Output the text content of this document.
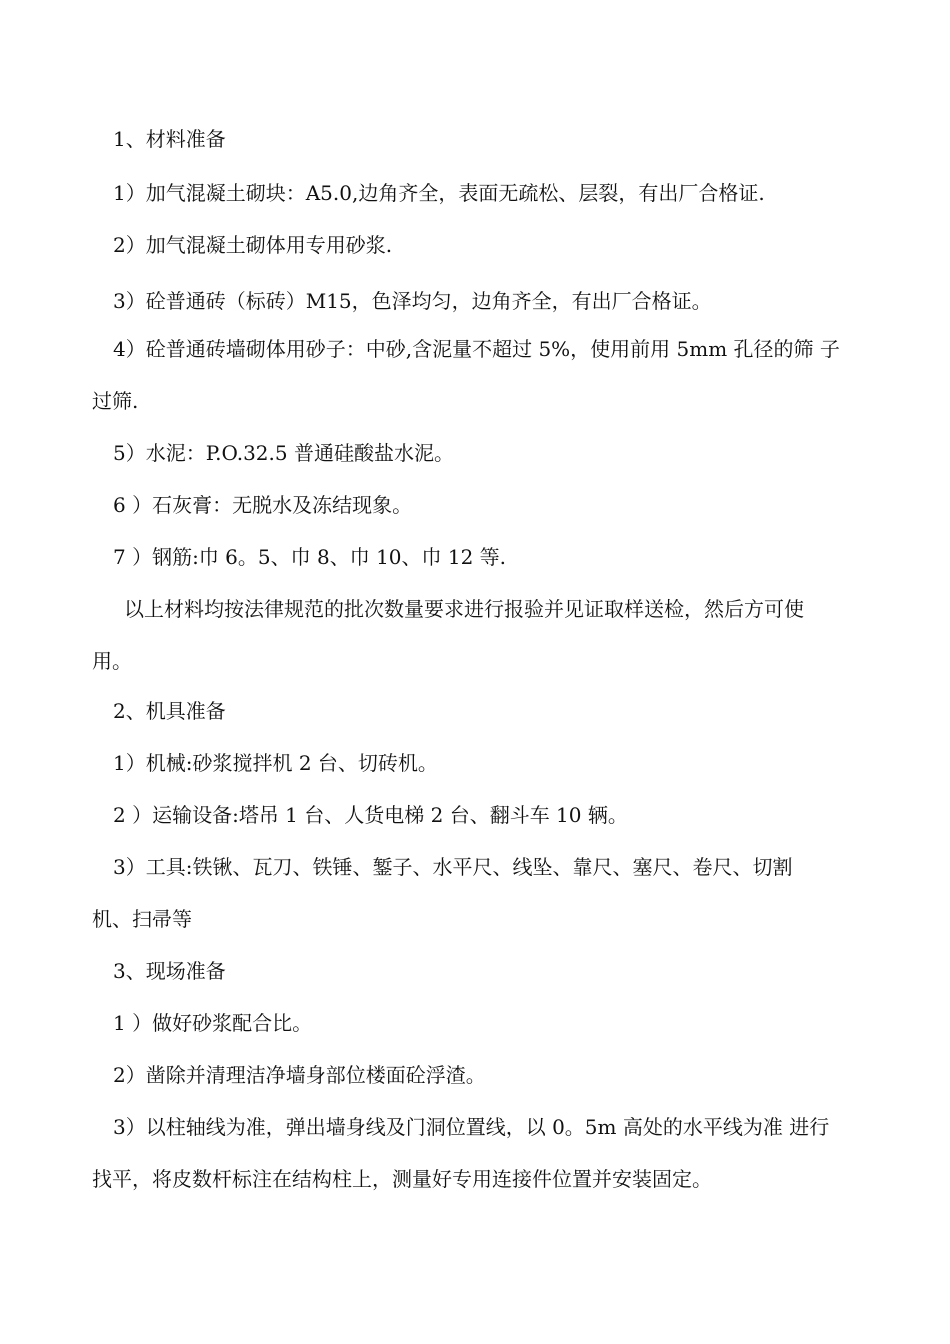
1、材料准备
1）加气混凝土砌块：A5.0,边角齐全，表面无疏松、层裂，有出厂合格证.
2）加气混凝土砌体用专用砂浆.
3）砼普通砖（标砖）M15，色泽均匀，边角齐全，有出厂合格证。
4）砼普通砖墙砌体用砂子：中砂,含泥量不超过 5%，使用前用 5mm 孔径的筛 子
过筛.
5）水泥：P.O.32.5 普通硅酸盐水泥。
6 ）石灰膏：无脱水及冻结现象。
7 ）钢筋:巾 6。5、巾 8、巾 10、巾 12 等.
以上材料均按法律规范的批次数量要求进行报验并见证取样送检，然后方可使
用。
2、机具准备
1）机械:砂浆搅拌机 2 台、切砖机。
2 ）运输设备:塔吊 1 台、人货电梯 2 台、翻斗车 10 辆。
3）工具:铁锹、瓦刀、铁锤、錾子、水平尺、线坠、靠尺、塞尺、卷尺、切割
机、扫帚等
3、现场准备
1 ）做好砂浆配合比。
2）凿除并清理洁净墙身部位楼面砼浮渣。
3）以柱轴线为准，弹出墙身线及门洞位置线，以 0。5m 高处的水平线为准 进行
找平，将皮数杆标注在结构柱上，测量好专用连接件位置并安装固定。
